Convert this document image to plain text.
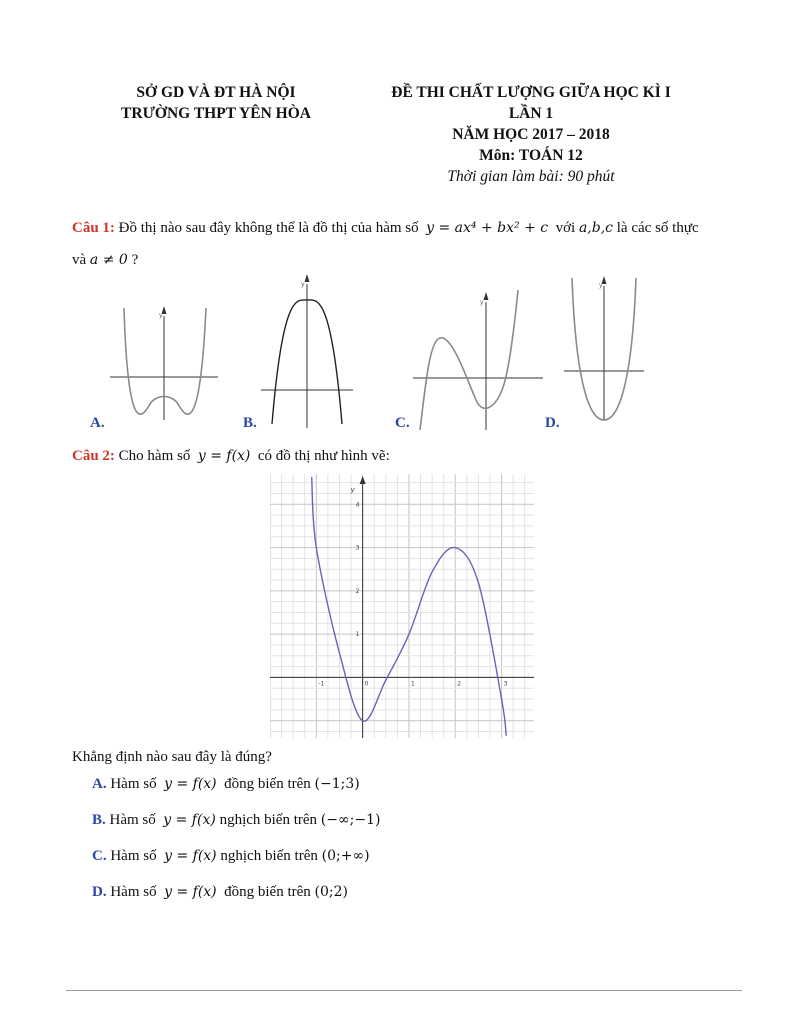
SỞ GD VÀ ĐT HÀ NỘI
TRƯỜNG THPT YÊN HÒA
ĐỀ THI CHẤT LƯỢNG GIỮA HỌC KÌ I
LẦN 1
NĂM HỌC 2017 – 2018
Môn: TOÁN 12
Thời gian làm bài: 90 phút
Câu 1: Đồ thị nào sau đây không thể là đồ thị của hàm số y = ax⁴ + bx² + c với a,b,c là các số thực
và a ≠ 0 ?
y
A.
y
B.
y
C.
y
D.
Câu 2: Cho hàm số y = f(x) có đồ thị như hình vẽ:
y
-1	0	1	2	3
1
2
3
4
Khẳng định nào sau đây là đúng?
A. Hàm số y = f(x) đồng biến trên (−1;3)
B. Hàm số y = f(x) nghịch biến trên (−∞;−1)
C. Hàm số y = f(x) nghịch biến trên (0;+∞)
D. Hàm số y = f(x) đồng biến trên (0;2)
